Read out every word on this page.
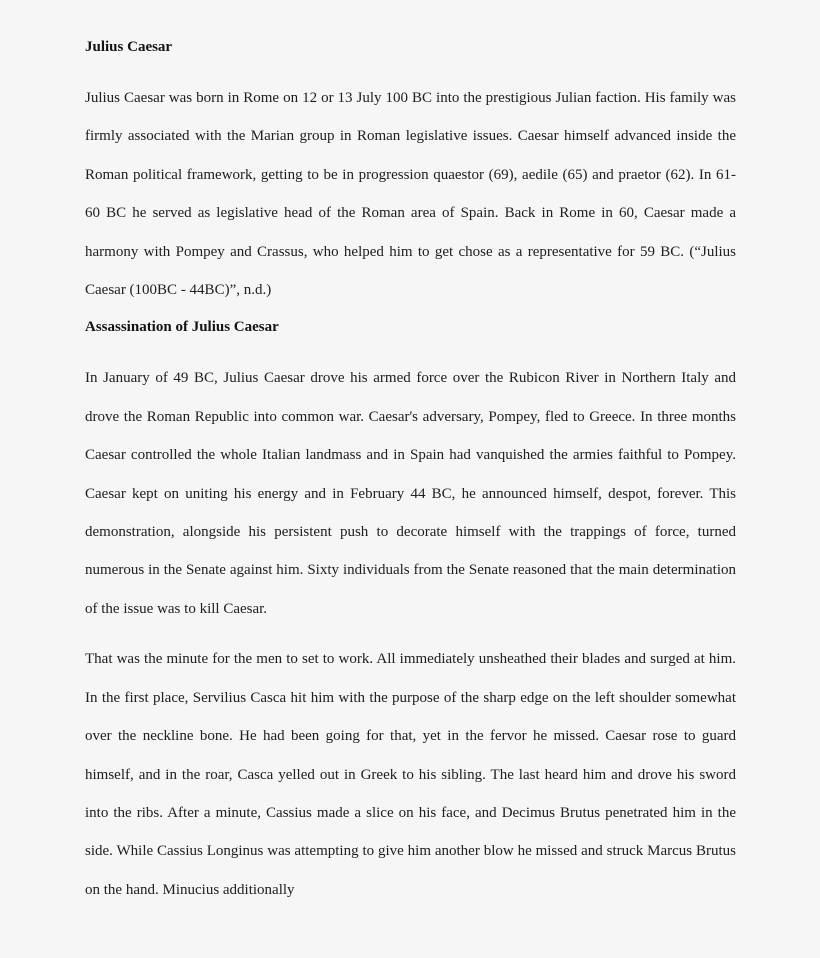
Julius Caesar

Julius Caesar was born in Rome on 12 or 13 July 100 BC into the prestigious Julian faction. His family was firmly associated with the Marian group in Roman legislative issues. Caesar himself advanced inside the Roman political framework, getting to be in progression quaestor (69), aedile (65) and praetor (62). In 61-60 BC he served as legislative head of the Roman area of Spain. Back in Rome in 60, Caesar made a harmony with Pompey and Crassus, who helped him to get chose as a representative for 59 BC. (“Julius Caesar (100BC - 44BC)”, n.d.)

Assassination of Julius Caesar

In January of 49 BC, Julius Caesar drove his armed force over the Rubicon River in Northern Italy and drove the Roman Republic into common war. Caesar's adversary, Pompey, fled to Greece. In three months Caesar controlled the whole Italian landmass and in Spain had vanquished the armies faithful to Pompey. Caesar kept on uniting his energy and in February 44 BC, he announced himself, despot, forever. This demonstration, alongside his persistent push to decorate himself with the trappings of force, turned numerous in the Senate against him. Sixty individuals from the Senate reasoned that the main determination of the issue was to kill Caesar.

That was the minute for the men to set to work. All immediately unsheathed their blades and surged at him. In the first place, Servilius Casca hit him with the purpose of the sharp edge on the left shoulder somewhat over the neckline bone. He had been going for that, yet in the fervor he missed. Caesar rose to guard himself, and in the roar, Casca yelled out in Greek to his sibling. The last heard him and drove his sword into the ribs. After a minute, Cassius made a slice on his face, and Decimus Brutus penetrated him in the side. While Cassius Longinus was attempting to give him another blow he missed and struck Marcus Brutus on the hand. Minucius additionally
